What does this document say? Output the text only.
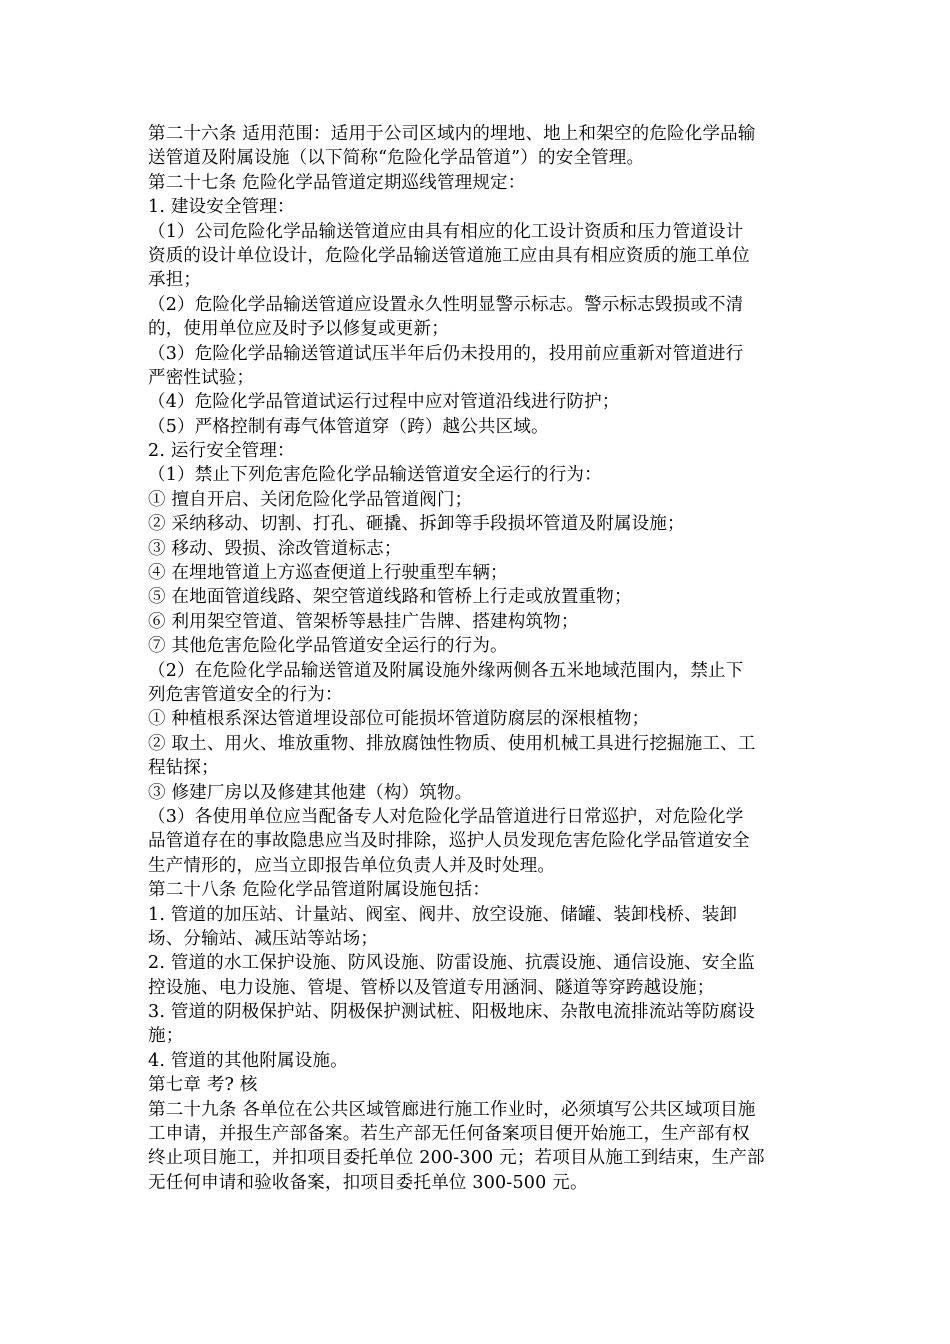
第二十六条 适用范围：适用于公司区域内的埋地、地上和架空的危险化学品输
送管道及附属设施（以下简称“危险化学品管道”）的安全管理。
第二十七条 危险化学品管道定期巡线管理规定：
1. 建设安全管理：
（1）公司危险化学品输送管道应由具有相应的化工设计资质和压力管道设计
资质的设计单位设计，危险化学品输送管道施工应由具有相应资质的施工单位
承担；
（2）危险化学品输送管道应设置永久性明显警示标志。警示标志毁损或不清
的，使用单位应及时予以修复或更新；
（3）危险化学品输送管道试压半年后仍未投用的，投用前应重新对管道进行
严密性试验；
（4）危险化学品管道试运行过程中应对管道沿线进行防护；
（5）严格控制有毒气体管道穿（跨）越公共区域。
2. 运行安全管理：
（1）禁止下列危害危险化学品输送管道安全运行的行为：
① 擅自开启、关闭危险化学品管道阀门；
② 采纳移动、切割、打孔、砸撬、拆卸等手段损坏管道及附属设施；
③ 移动、毁损、涂改管道标志；
④ 在埋地管道上方巡查便道上行驶重型车辆；
⑤ 在地面管道线路、架空管道线路和管桥上行走或放置重物；
⑥ 利用架空管道、管架桥等悬挂广告牌、搭建构筑物；
⑦ 其他危害危险化学品管道安全运行的行为。
（2）在危险化学品输送管道及附属设施外缘两侧各五米地域范围内，禁止下
列危害管道安全的行为：
① 种植根系深达管道埋设部位可能损坏管道防腐层的深根植物；
② 取土、用火、堆放重物、排放腐蚀性物质、使用机械工具进行挖掘施工、工
程钻探；
③ 修建厂房以及修建其他建（构）筑物。
（3）各使用单位应当配备专人对危险化学品管道进行日常巡护，对危险化学
品管道存在的事故隐患应当及时排除，巡护人员发现危害危险化学品管道安全
生产情形的，应当立即报告单位负责人并及时处理。
第二十八条 危险化学品管道附属设施包括：
1. 管道的加压站、计量站、阀室、阀井、放空设施、储罐、装卸栈桥、装卸
场、分输站、减压站等站场；
2. 管道的水工保护设施、防风设施、防雷设施、抗震设施、通信设施、安全监
控设施、电力设施、管堤、管桥以及管道专用涵洞、隧道等穿跨越设施；
3. 管道的阴极保护站、阴极保护测试桩、阳极地床、杂散电流排流站等防腐设
施；
4. 管道的其他附属设施。
第七章 考? 核
第二十九条 各单位在公共区域管廊进行施工作业时，必须填写公共区域项目施
工申请，并报生产部备案。若生产部无任何备案项目便开始施工，生产部有权
终止项目施工，并扣项目委托单位 200-300 元；若项目从施工到结束，生产部
无任何申请和验收备案，扣项目委托单位 300-500 元。
